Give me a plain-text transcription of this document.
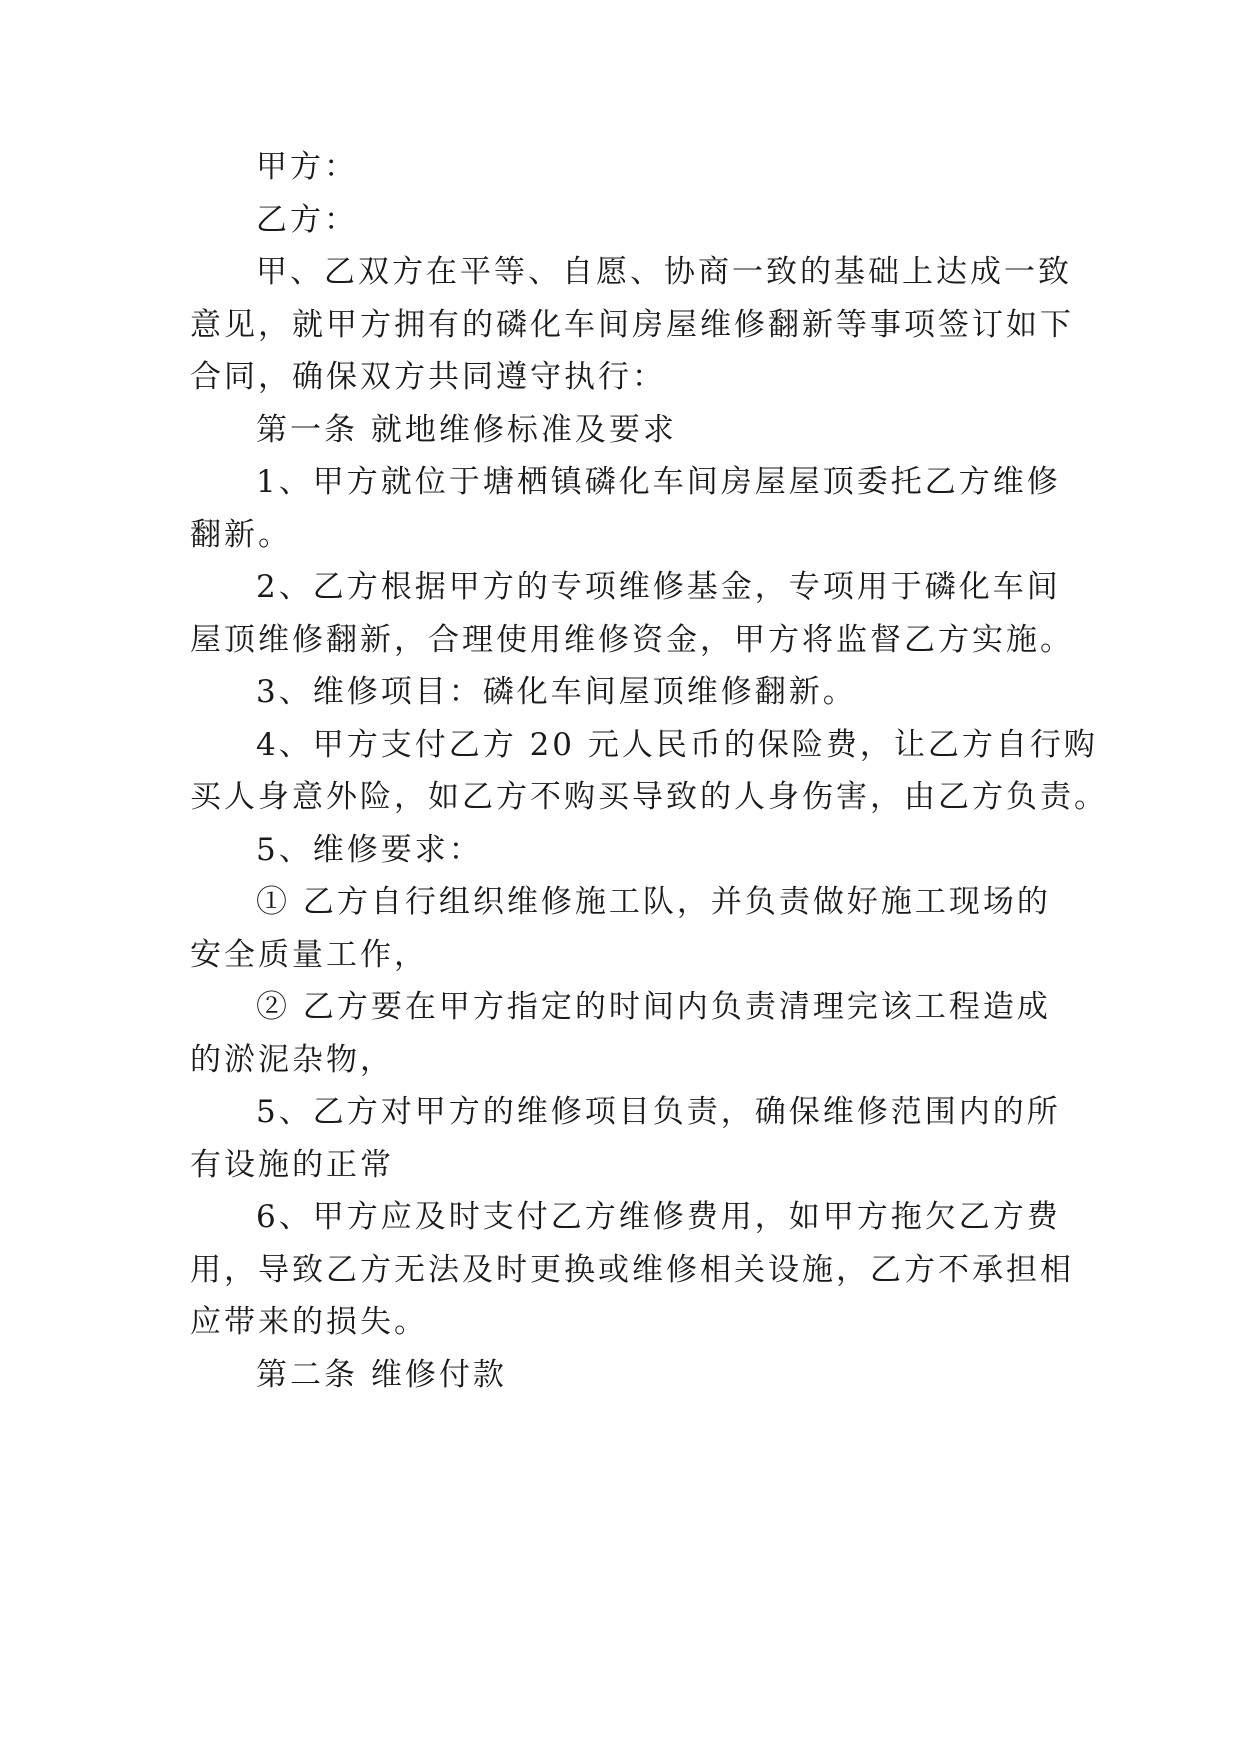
甲方：
乙方：
甲、乙双方在平等、自愿、协商一致的基础上达成一致
意见，就甲方拥有的磷化车间房屋维修翻新等事项签订如下
合同，确保双方共同遵守执行：
第一条 就地维修标准及要求
1、甲方就位于塘栖镇磷化车间房屋屋顶委托乙方维修
翻新。
2、乙方根据甲方的专项维修基金，专项用于磷化车间
屋顶维修翻新，合理使用维修资金，甲方将监督乙方实施。
3、维修项目：磷化车间屋顶维修翻新。
4、甲方支付乙方 20 元人民币的保险费，让乙方自行购
买人身意外险，如乙方不购买导致的人身伤害，由乙方负责。
5、维修要求：
① 乙方自行组织维修施工队，并负责做好施工现场的
安全质量工作，
② 乙方要在甲方指定的时间内负责清理完该工程造成
的淤泥杂物，
5、乙方对甲方的维修项目负责，确保维修范围内的所
有设施的正常
6、甲方应及时支付乙方维修费用，如甲方拖欠乙方费
用，导致乙方无法及时更换或维修相关设施，乙方不承担相
应带来的损失。
第二条 维修付款
